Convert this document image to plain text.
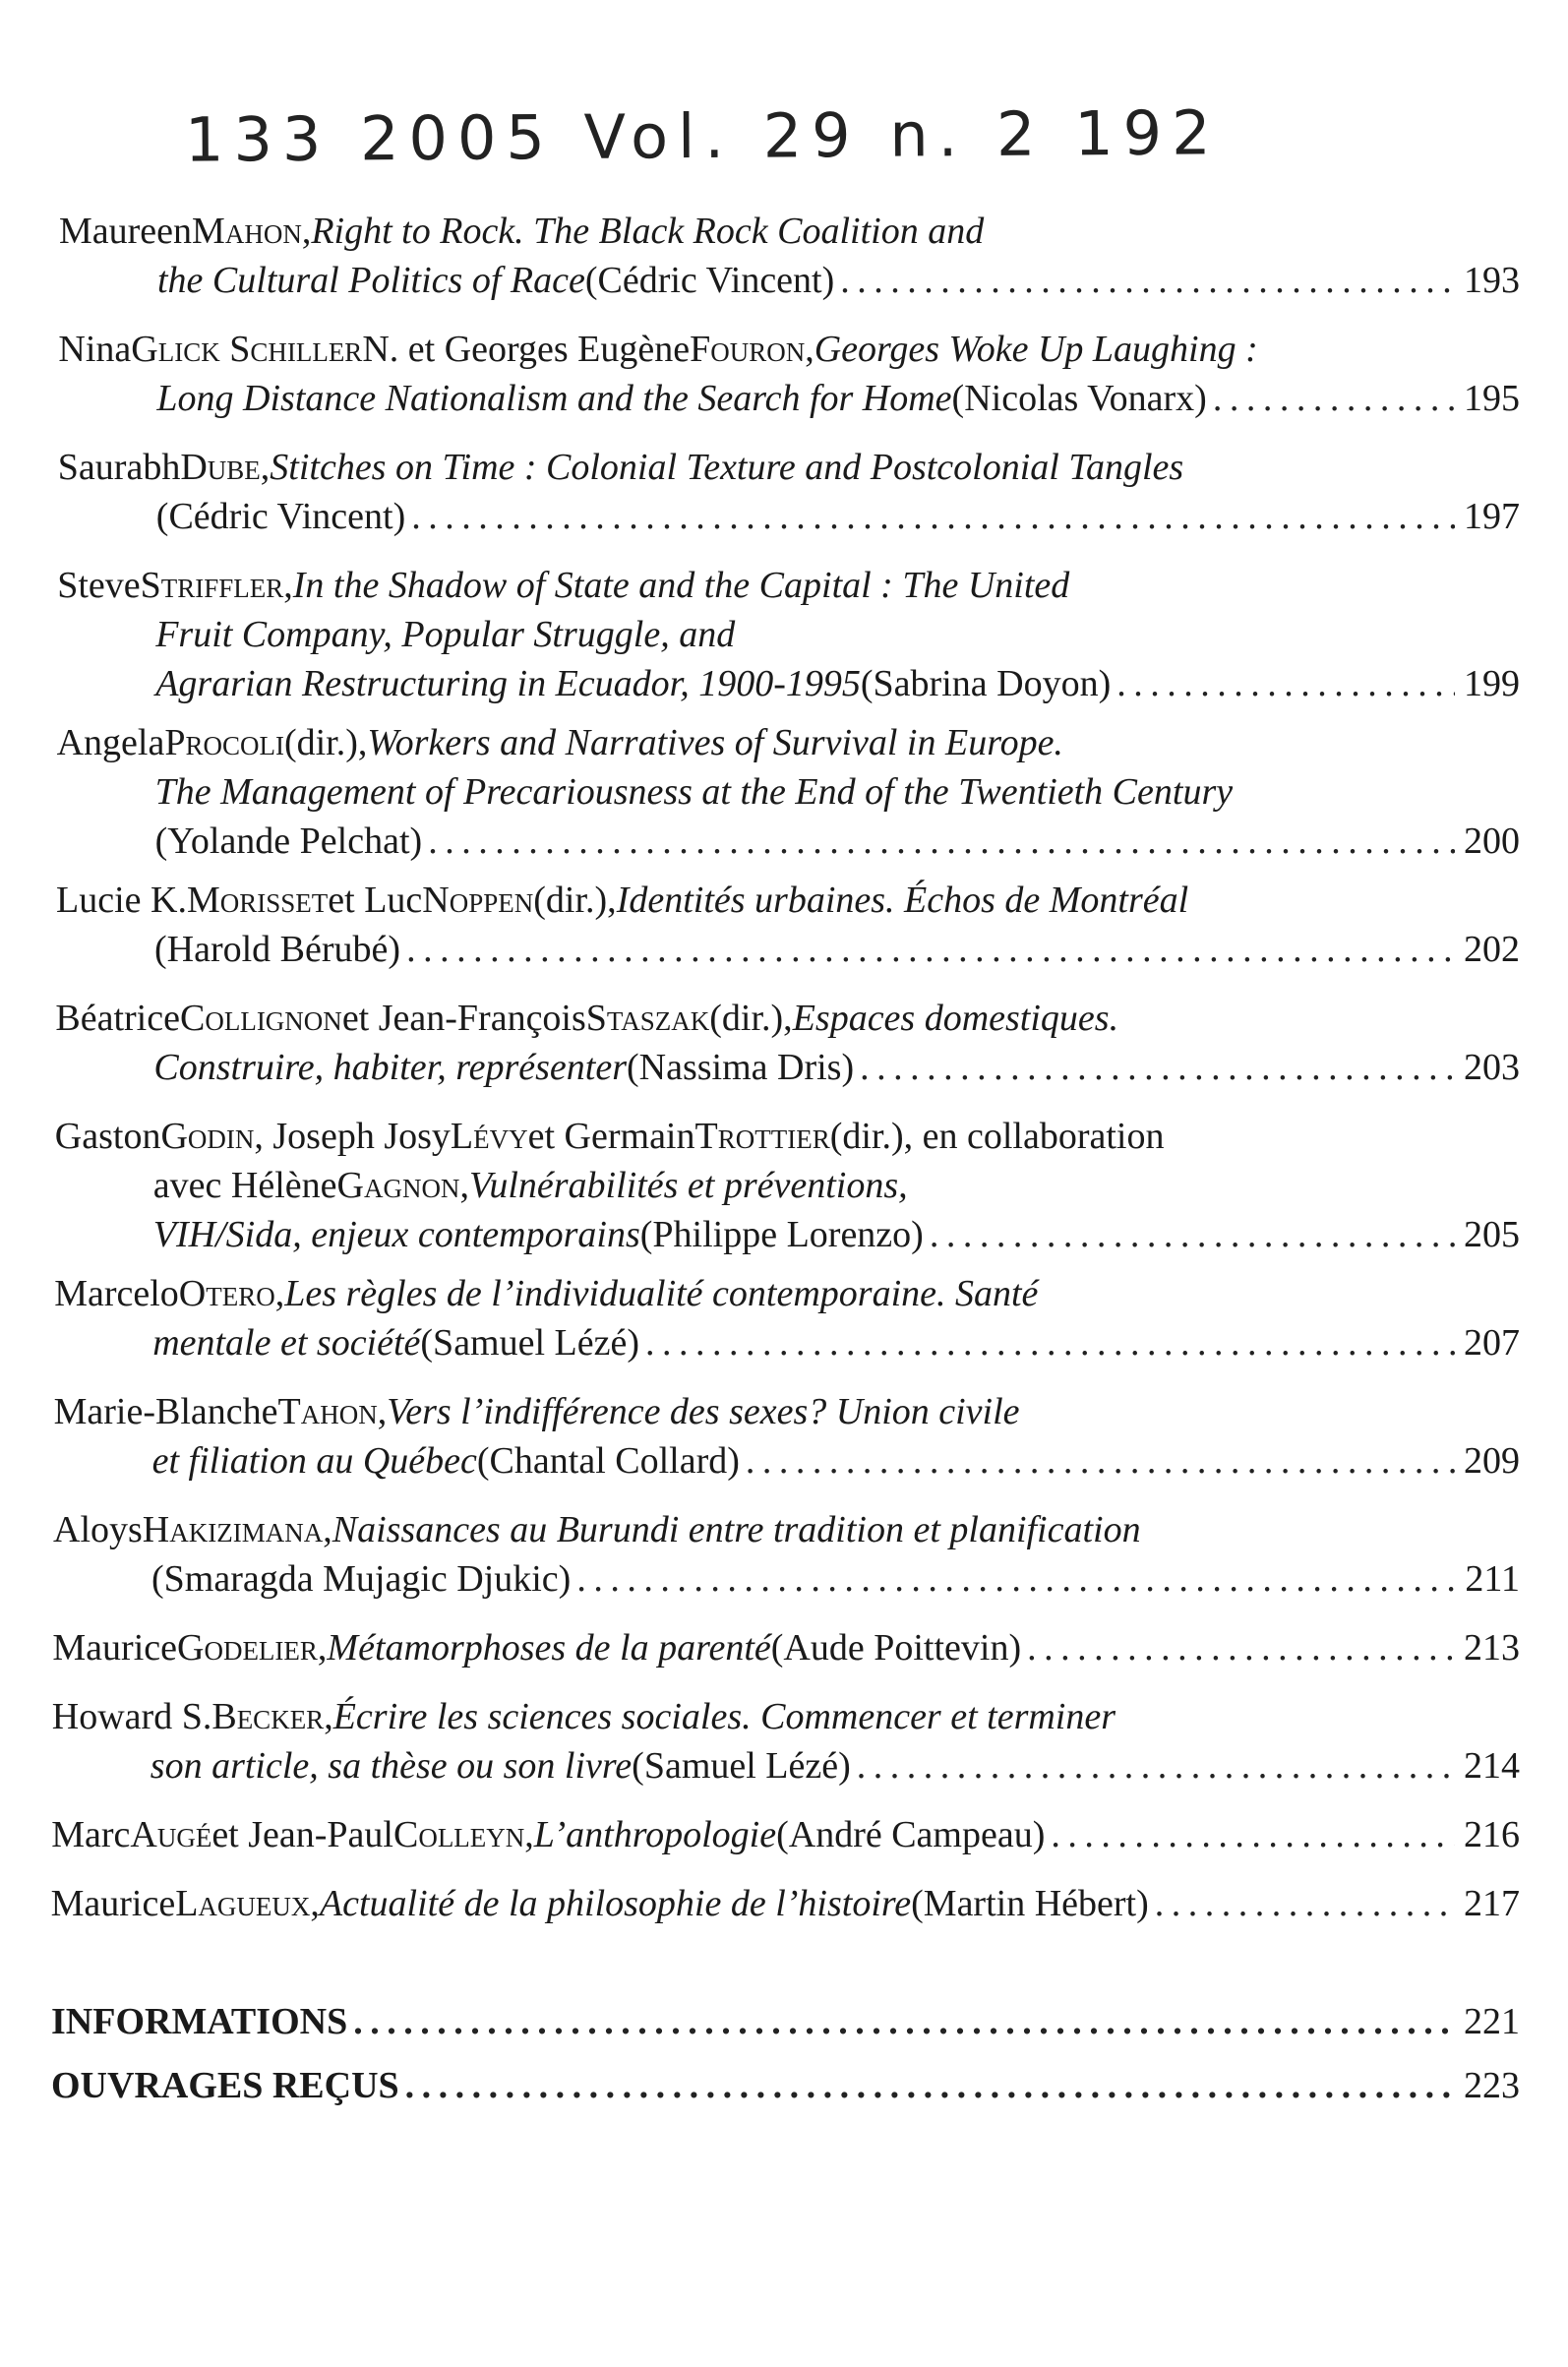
133 2005 Vol. 29 n. 2 192
Maureen Mahon , Right to Rock. The Black Rock Coalition and
the Cultural Politics of Race (Cédric Vincent) . . .	193
Nina Glick Schiller N. et Georges Eugène Fouron , Georges Woke Up Laughing :
Long Distance Nationalism and the Search for Home (Nicolas Vonarx) . . .	195
Saurabh Dube , Stitches on Time : Colonial Texture and Postcolonial Tangles
(Cédric Vincent) . . .	197
Steve Striffler , In the Shadow of State and the Capital : The United
Fruit Company, Popular Struggle, and
Agrarian Restructuring in Ecuador, 1900-1995 (Sabrina Doyon) . . .	199
Angela Procoli (dir.), Workers and Narratives of Survival in Europe.
The Management of Precariousness at the End of the Twentieth Century
(Yolande Pelchat) . . .	200
Lucie K. Morisset et Luc Noppen (dir.), Identités urbaines. Échos de Montréal
(Harold Bérubé) . . .	202
Béatrice Collignon et Jean-François Staszak (dir.), Espaces domestiques.
Construire, habiter, représenter (Nassima Dris) . . .	203
Gaston Godin , Joseph Josy Lévy et Germain Trottier (dir.), en collaboration
avec Hélène Gagnon , Vulnérabilités et préventions,
VIH/Sida, enjeux contemporains (Philippe Lorenzo) . . .	205
Marcelo Otero , Les règles de l’individualité contemporaine. Santé
mentale et société (Samuel Lézé) . . .	207
Marie-Blanche Tahon , Vers l’indifférence des sexes? Union civile
et filiation au Québec (Chantal Collard) . . .	209
Aloys Hakizimana , Naissances au Burundi entre tradition et planification
(Smaragda Mujagic Djukic) . . .	211
Maurice Godelier , Métamorphoses de la parenté (Aude Poittevin) . . .	213
Howard S. Becker , Écrire les sciences sociales. Commencer et terminer
son article, sa thèse ou son livre (Samuel Lézé) . . .	214
Marc Augé et Jean-Paul Colleyn , L’anthropologie (André Campeau) . . .	216
Maurice Lagueux , Actualité de la philosophie de l’histoire (Martin Hébert) . . .	217
INFORMATIONS . . .	221
OUVRAGES REÇUS . . .	223
